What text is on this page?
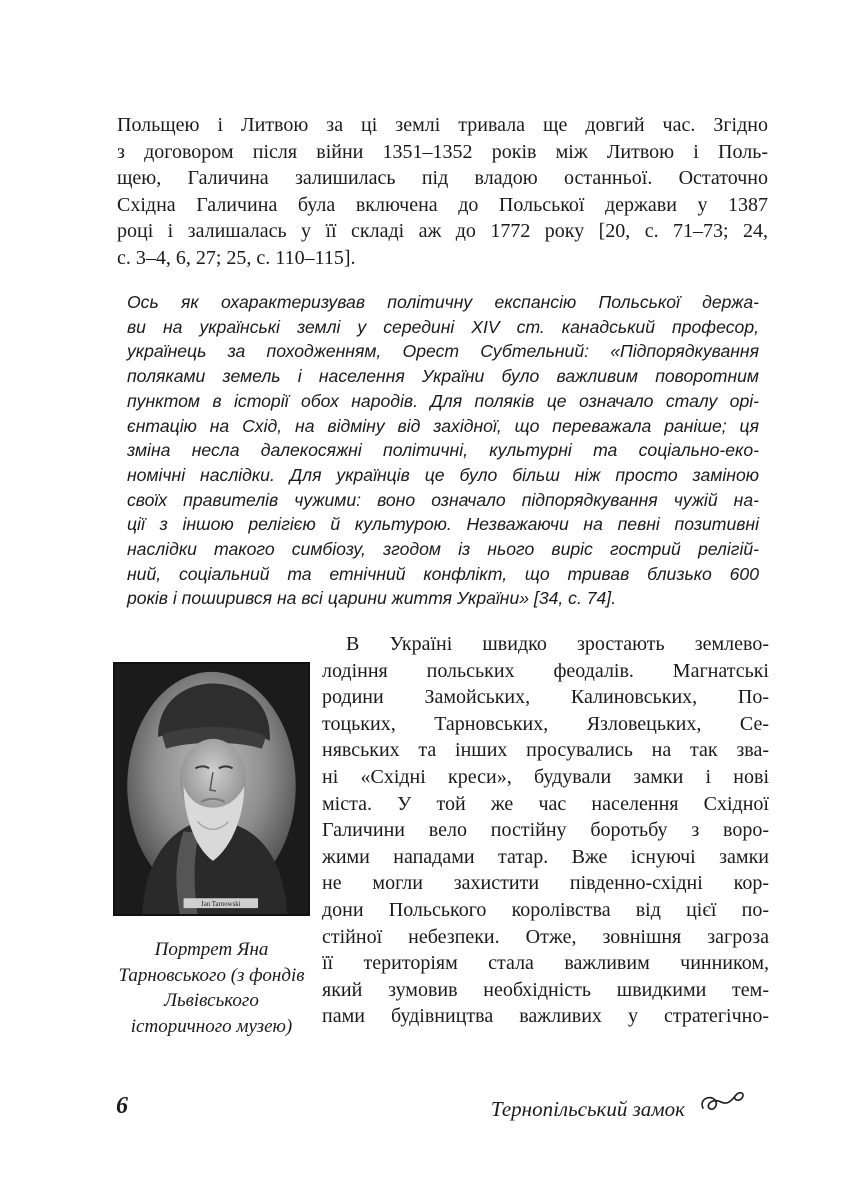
Польщею і Литвою за ці землі тривала ще довгий час. Згідно
з договором після війни 1351–1352 років між Литвою і Поль-
щею, Галичина залишилась під владою останньої. Остаточно
Східна Галичина була включена до Польської держави у 1387
році і залишалась у її складі аж до 1772 року [20, с. 71–73; 24,
с. 3–4, 6, 27; 25, с. 110–115].
Ось як охарактеризував політичну експансію Польської держа-
ви на українські землі у середині XIV ст. канадський професор,
українець за походженням, Орест Субтельний: «Підпорядкування
поляками земель і населення України було важливим поворотним
пунктом в історії обох народів. Для поляків це означало сталу орі-
єнтацію на Схід, на відміну від західної, що переважала раніше; ця
зміна несла далекосяжні політичні, культурні та соціально-еко-
номічні наслідки. Для українців це було більш ніж просто заміною
своїх правителів чужими: воно означало підпорядкування чужій на-
ції з іншою релігією й культурою. Незважаючи на певні позитивні
наслідки такого симбіозу, згодом із нього виріс гострий релігій-
ний, соціальний та етнічний конфлікт, що тривав близько 600
років і поширився на всі царини життя України» [34, с. 74].
Jan Tarnowski
Портрет Яна
Тарновського (з фондів
Львівського
історичного музею)
В Україні швидко зростають землево-
лодіння польських феодалів. Магнатські
родини Замойських, Калиновських, По-
тоцьких, Тарновських, Язловецьких, Се-
нявських та інших просувались на так зва-
ні «Східні креси», будували замки і нові
міста. У той же час населення Східної
Галичини вело постійну боротьбу з воро-
жими нападами татар. Вже існуючі замки
не могли захистити південно-східні кор-
дони Польського королівства від цієї по-
стійної небезпеки. Отже, зовнішня загроза
її територіям стала важливим чинником,
який зумовив необхідність швидкими тем-
пами будівництва важливих у стратегічно-
6	Тернопільський замок
